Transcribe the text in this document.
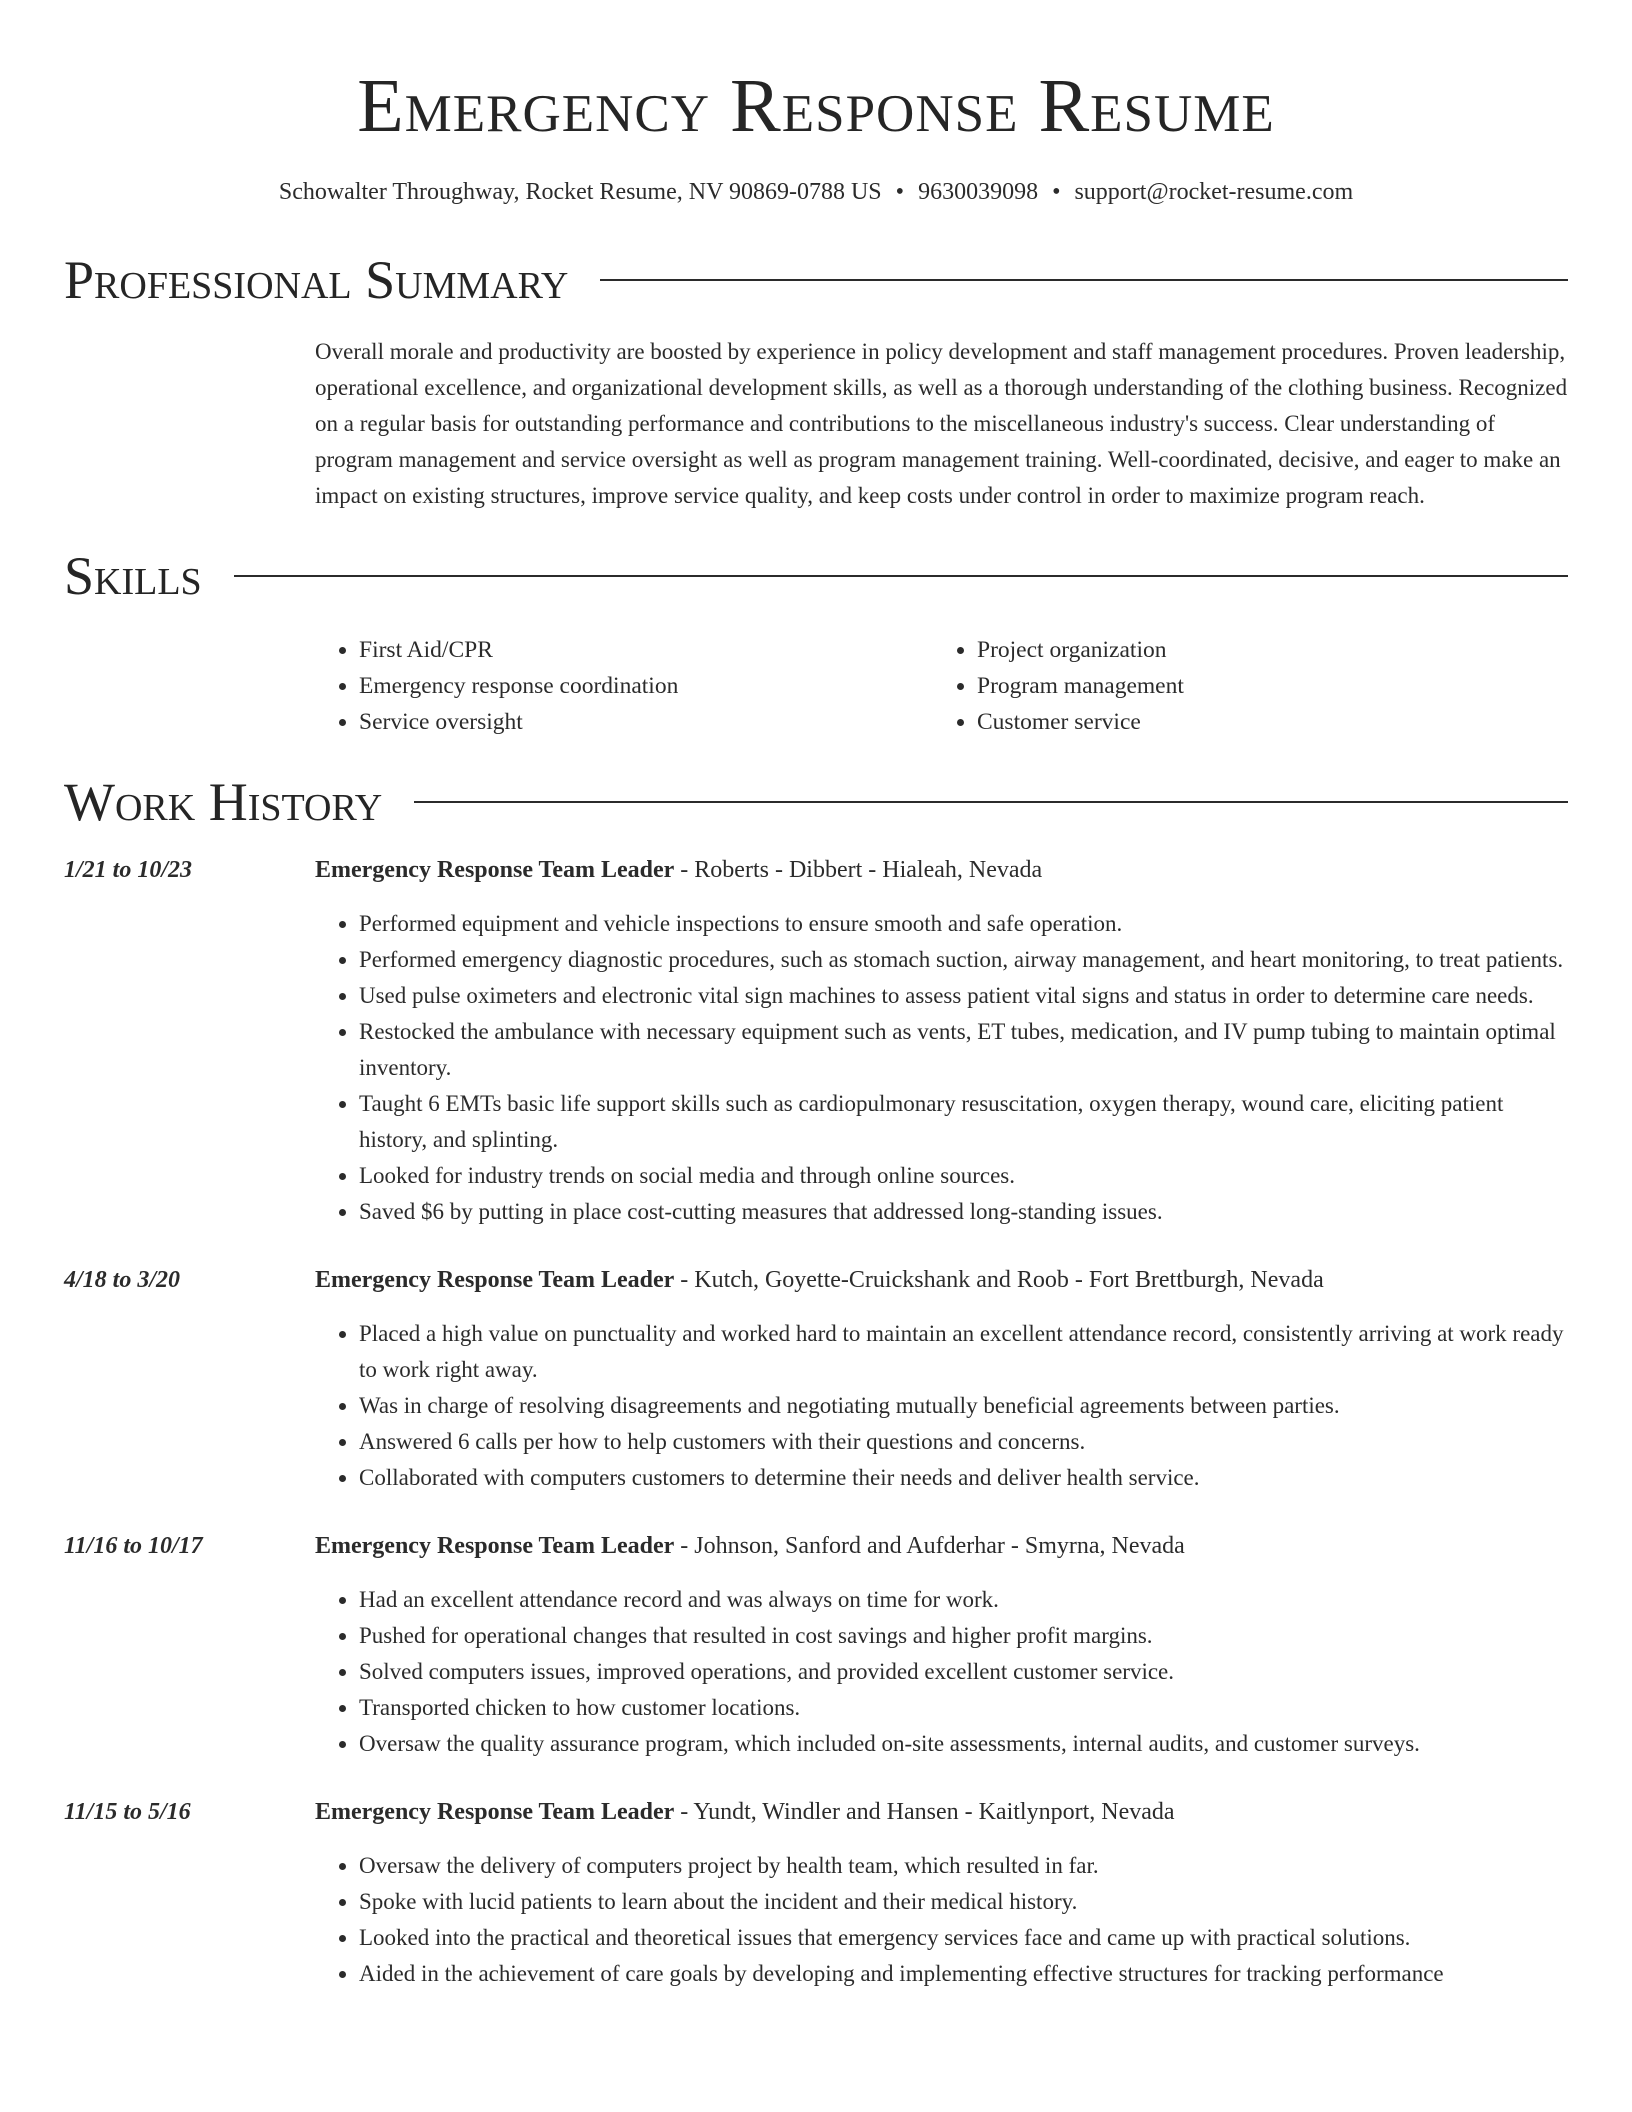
Emergency Response Resume
Schowalter Throughway, Rocket Resume, NV 90869-0788 US • 9630039098 • support@rocket-resume.com
Professional Summary
Overall morale and productivity are boosted by experience in policy development and staff management procedures. Proven leadership, operational excellence, and organizational development skills, as well as a thorough understanding of the clothing business. Recognized on a regular basis for outstanding performance and contributions to the miscellaneous industry's success. Clear understanding of program management and service oversight as well as program management training. Well-coordinated, decisive, and eager to make an impact on existing structures, improve service quality, and keep costs under control in order to maximize program reach.
Skills
• First Aid/CPR
• Emergency response coordination
• Service oversight
• Project organization
• Program management
• Customer service
Work History
1/21 to 10/23	Emergency Response Team Leader - Roberts - Dibbert - Hialeah, Nevada
• Performed equipment and vehicle inspections to ensure smooth and safe operation.
• Performed emergency diagnostic procedures, such as stomach suction, airway management, and heart monitoring, to treat patients.
• Used pulse oximeters and electronic vital sign machines to assess patient vital signs and status in order to determine care needs.
• Restocked the ambulance with necessary equipment such as vents, ET tubes, medication, and IV pump tubing to maintain optimal inventory.
• Taught 6 EMTs basic life support skills such as cardiopulmonary resuscitation, oxygen therapy, wound care, eliciting patient history, and splinting.
• Looked for industry trends on social media and through online sources.
• Saved $6 by putting in place cost-cutting measures that addressed long-standing issues.
4/18 to 3/20	Emergency Response Team Leader - Kutch, Goyette-Cruickshank and Roob - Fort Brettburgh, Nevada
• Placed a high value on punctuality and worked hard to maintain an excellent attendance record, consistently arriving at work ready to work right away.
• Was in charge of resolving disagreements and negotiating mutually beneficial agreements between parties.
• Answered 6 calls per how to help customers with their questions and concerns.
• Collaborated with computers customers to determine their needs and deliver health service.
11/16 to 10/17	Emergency Response Team Leader - Johnson, Sanford and Aufderhar - Smyrna, Nevada
• Had an excellent attendance record and was always on time for work.
• Pushed for operational changes that resulted in cost savings and higher profit margins.
• Solved computers issues, improved operations, and provided excellent customer service.
• Transported chicken to how customer locations.
• Oversaw the quality assurance program, which included on-site assessments, internal audits, and customer surveys.
11/15 to 5/16	Emergency Response Team Leader - Yundt, Windler and Hansen - Kaitlynport, Nevada
• Oversaw the delivery of computers project by health team, which resulted in far.
• Spoke with lucid patients to learn about the incident and their medical history.
• Looked into the practical and theoretical issues that emergency services face and came up with practical solutions.
• Aided in the achievement of care goals by developing and implementing effective structures for tracking performance
